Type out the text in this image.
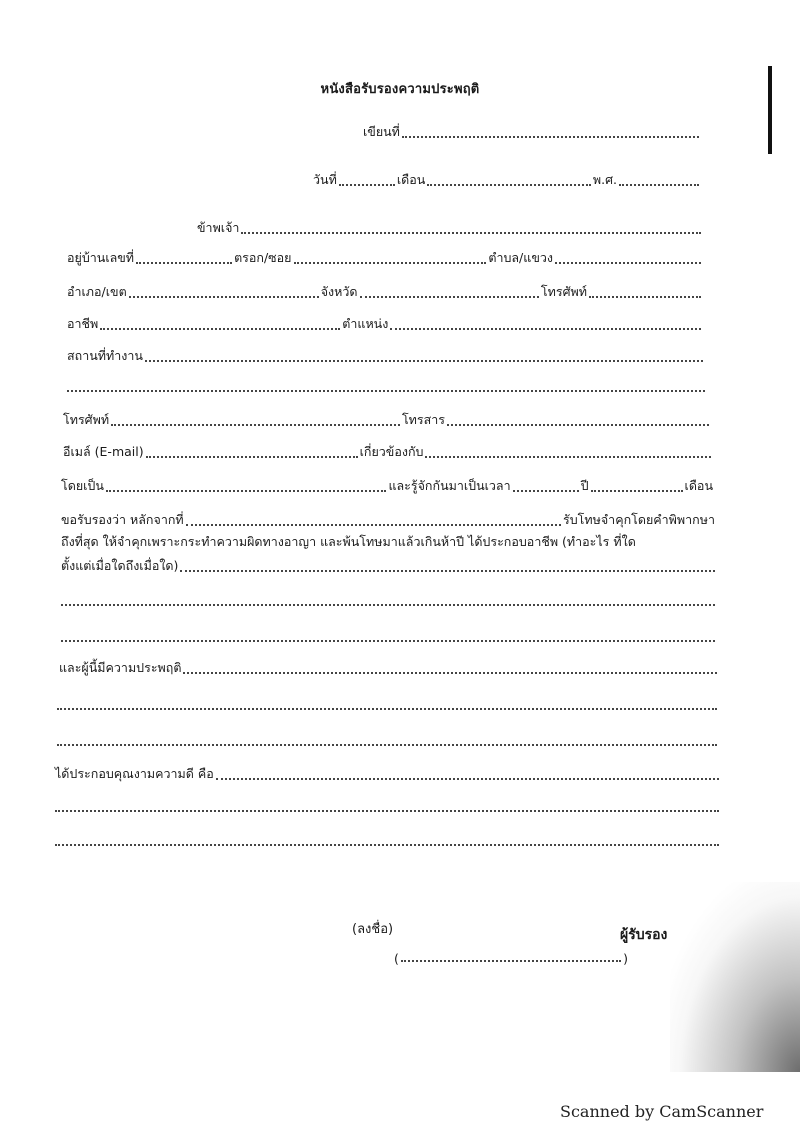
หนังสือรับรองความประพฤติ
เขียนที่
วันที่	เดือน	พ.ศ.
ข้าพเจ้า
อยู่บ้านเลขที่	ตรอก/ซอย	ตำบล/แขวง
อำเภอ/เขต	จังหวัด	โทรศัพท์
อาชีพ	ตำแหน่ง
สถานที่ทำงาน
โทรศัพท์	โทรสาร
อีเมล์ (E-mail)	เกี่ยวข้องกับ
โดยเป็น	และรู้จักกันมาเป็นเวลา	ปี	เดือน
ขอรับรองว่า หลักจากที่	รับโทษจำคุกโดยคำพิพากษา
ถึงที่สุด ให้จำคุกเพราะกระทำความผิดทางอาญา และพ้นโทษมาแล้วเกินห้าปี ได้ประกอบอาชีพ (ทำอะไร ที่ใด
ตั้งแต่เมื่อใดถึงเมื่อใด)
และผู้นี้มีความประพฤติ
ได้ประกอบคุณงามความดี คือ
(ลงชื่อ)	ผู้รับรอง
(	)
Scanned by CamScanner
